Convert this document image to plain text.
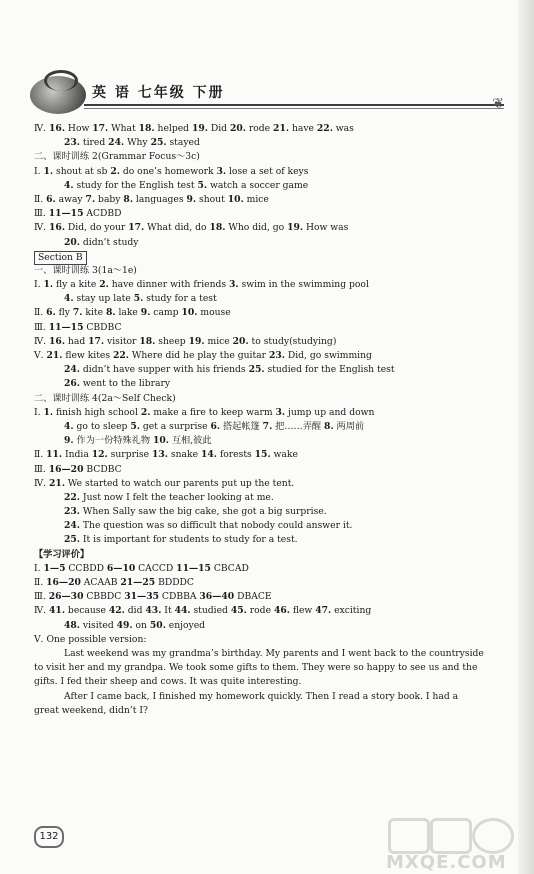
英 语 七年级 下册
❦
Ⅳ. 16. How 17. What 18. helped 19. Did 20. rode 21. have 22. was
23. tired 24. Why 25. stayed
二、课时训练 2(Grammar Focus～3c)
Ⅰ. 1. shout at sb 2. do one’s homework 3. lose a set of keys
4. study for the English test 5. watch a soccer game
Ⅱ. 6. away 7. baby 8. languages 9. shout 10. mice
Ⅲ. 11—15 ACDBD
Ⅳ. 16. Did, do your 17. What did, do 18. Who did, go 19. How was
20. didn’t study
Section B
一、课时训练 3(1a～1e)
Ⅰ. 1. fly a kite 2. have dinner with friends 3. swim in the swimming pool
4. stay up late 5. study for a test
Ⅱ. 6. fly 7. kite 8. lake 9. camp 10. mouse
Ⅲ. 11—15 CBDBC
Ⅳ. 16. had 17. visitor 18. sheep 19. mice 20. to study(studying)
Ⅴ. 21. flew kites 22. Where did he play the guitar 23. Did, go swimming
24. didn’t have supper with his friends 25. studied for the English test
26. went to the library
二、课时训练 4(2a～Self Check)
Ⅰ. 1. finish high school 2. make a fire to keep warm 3. jump up and down
4. go to sleep 5. get a surprise 6. 搭起帐篷 7. 把……弄醒 8. 两周前
9. 作为一份特殊礼物 10. 互相,彼此
Ⅱ. 11. India 12. surprise 13. snake 14. forests 15. wake
Ⅲ. 16—20 BCDBC
Ⅳ. 21. We started to watch our parents put up the tent.
22. Just now I felt the teacher looking at me.
23. When Sally saw the big cake, she got a big surprise.
24. The question was so difficult that nobody could answer it.
25. It is important for students to study for a test.
【学习评价】
Ⅰ. 1—5 CCBDD 6—10 CACCD 11—15 CBCAD
Ⅱ. 16—20 ACAAB 21—25 BDDDC
Ⅲ. 26—30 CBBDC 31—35 CDBBA 36—40 DBACE
Ⅳ. 41. because 42. did 43. It 44. studied 45. rode 46. flew 47. exciting
48. visited 49. on 50. enjoyed
Ⅴ. One possible version:
Last weekend was my grandma’s birthday. My parents and I went back to the countryside
to visit her and my grandpa. We took some gifts to them. They were so happy to see us and the
gifts. I fed their sheep and cows. It was quite interesting.
After I came back, I finished my homework quickly. Then I read a story book. I had a
great weekend, didn’t I?
132
MXQE.COM
